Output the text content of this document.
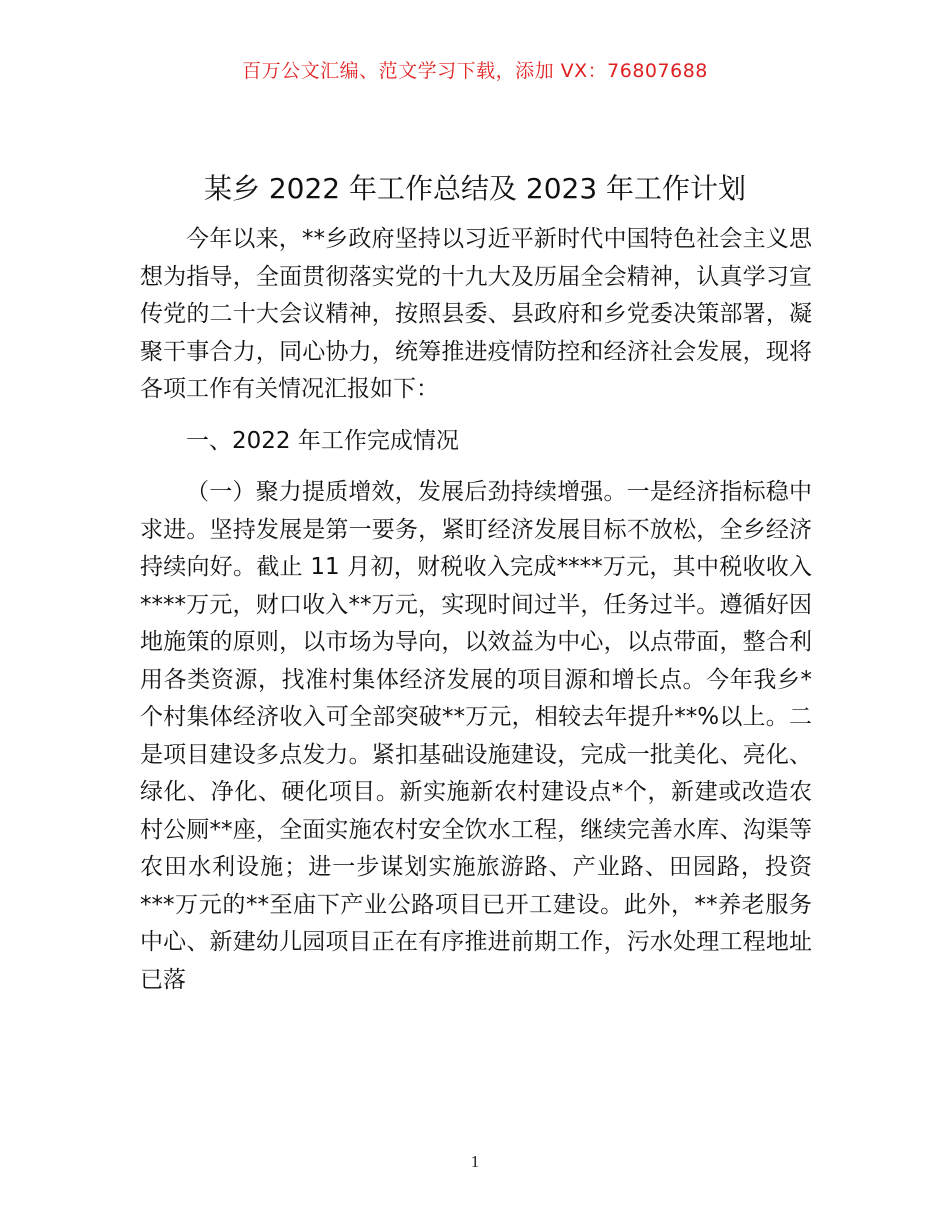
百万公文汇编、范文学习下载，添加 VX：76807688
某乡 2022 年工作总结及 2023 年工作计划

今年以来，**乡政府坚持以习近平新时代中国特色社会主义思想为指导，全面贯彻落实党的十九大及历届全会精神，认真学习宣传党的二十大会议精神，按照县委、县政府和乡党委决策部署，凝聚干事合力，同心协力，统筹推进疫情防控和经济社会发展，现将各项工作有关情况汇报如下：

一、2022 年工作完成情况

（一）聚力提质增效，发展后劲持续增强。一是经济指标稳中求进。坚持发展是第一要务，紧盯经济发展目标不放松，全乡经济持续向好。截止 11 月初，财税收入完成****万元，其中税收收入****万元，财口收入**万元，实现时间过半，任务过半。遵循好因地施策的原则，以市场为导向，以效益为中心，以点带面，整合利用各类资源，找准村集体经济发展的项目源和增长点。今年我乡*个村集体经济收入可全部突破**万元，相较去年提升**%以上。二是项目建设多点发力。紧扣基础设施建设，完成一批美化、亮化、绿化、净化、硬化项目。新实施新农村建设点*个，新建或改造农村公厕**座，全面实施农村安全饮水工程，继续完善水库、沟渠等农田水利设施；进一步谋划实施旅游路、产业路、田园路，投资***万元的**至庙下产业公路项目已开工建设。此外，**养老服务中心、新建幼儿园项目正在有序推进前期工作，污水处理工程地址已落

1
